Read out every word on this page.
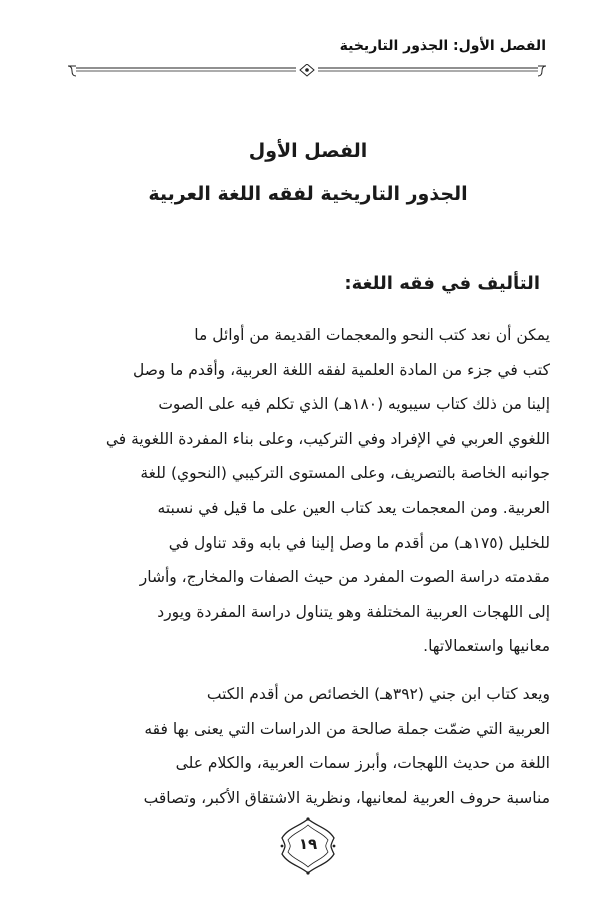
الفصل الأول: الجذور التاريخية
الفصل الأول
الجذور التاريخية لفقه اللغة العربية
التأليف في فقه اللغة:
يمكن أن نعد كتب النحو والمعجمات القديمة من أوائل ما
كتب في جزء من المادة العلمية لفقه اللغة العربية، وأقدم ما وصل
إلينا من ذلك كتاب سيبويه (١٨٠هـ) الذي تكلم فيه على الصوت
اللغوي العربي في الإفراد وفي التركيب، وعلى بناء المفردة اللغوية في
جوانبه الخاصة بالتصريف، وعلى المستوى التركيبي (النحوي) للغة
العربية. ومن المعجمات يعد كتاب العين على ما قيل في نسبته
للخليل (١٧٥هـ) من أقدم ما وصل إلينا في بابه وقد تناول في
مقدمته دراسة الصوت المفرد من حيث الصفات والمخارج، وأشار
إلى اللهجات العربية المختلفة وهو يتناول دراسة المفردة ويورد
معانيها واستعمالاتها.
ويعد كتاب ابن جني (٣٩٢هـ) الخصائص من أقدم الكتب
العربية التي ضمّت جملة صالحة من الدراسات التي يعنى بها فقه
اللغة من حديث اللهجات، وأبرز سمات العربية، والكلام على
مناسبة حروف العربية لمعانيها، ونظرية الاشتقاق الأكبر، وتصاقب
١٩
